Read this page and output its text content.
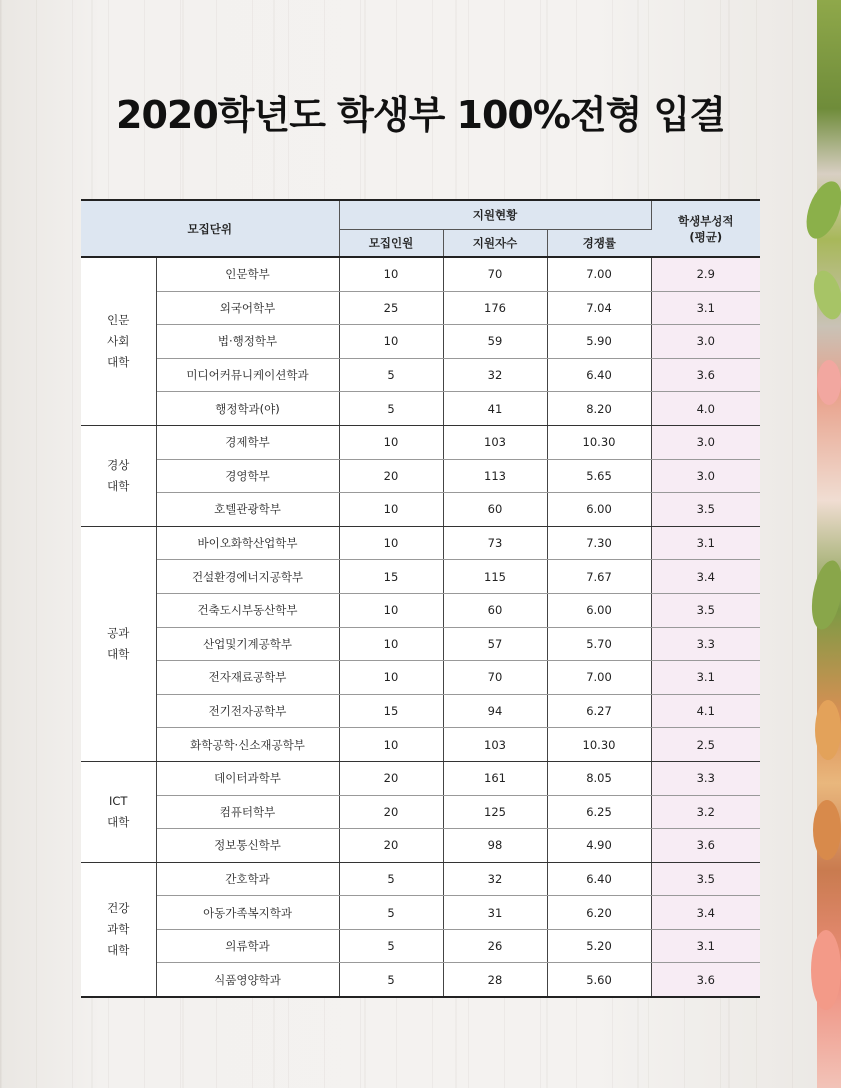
2020학년도 학생부 100%전형 입결
모집단위		지원현황			학생부성적
(평균)

		모집인원	지원자수	경쟁률	

인문
사회
대학	인문학부	10	70	7.00	2.9
	외국어학부	25	176	7.04	3.1
	법·행정학부	10	59	5.90	3.0
	미디어커뮤니케이션학과	5	32	6.40	3.6
	행정학과(야)	5	41	8.20	4.0

경상
대학	경제학부	10	103	10.30	3.0
	경영학부	20	113	5.65	3.0
	호텔관광학부	10	60	6.00	3.5

공과
대학	바이오화학산업학부	10	73	7.30	3.1
	건설환경에너지공학부	15	115	7.67	3.4
	건축도시부동산학부	10	60	6.00	3.5
	산업및기계공학부	10	57	5.70	3.3
	전자재료공학부	10	70	7.00	3.1
	전기전자공학부	15	94	6.27	4.1
	화학공학·신소재공학부	10	103	10.30	2.5

ICT
대학	데이터과학부	20	161	8.05	3.3
	컴퓨터학부	20	125	6.25	3.2
	정보통신학부	20	98	4.90	3.6

건강
과학
대학	간호학과	5	32	6.40	3.5
	아동가족복지학과	5	31	6.20	3.4
	의류학과	5	26	5.20	3.1
	식품영양학과	5	28	5.60	3.6
